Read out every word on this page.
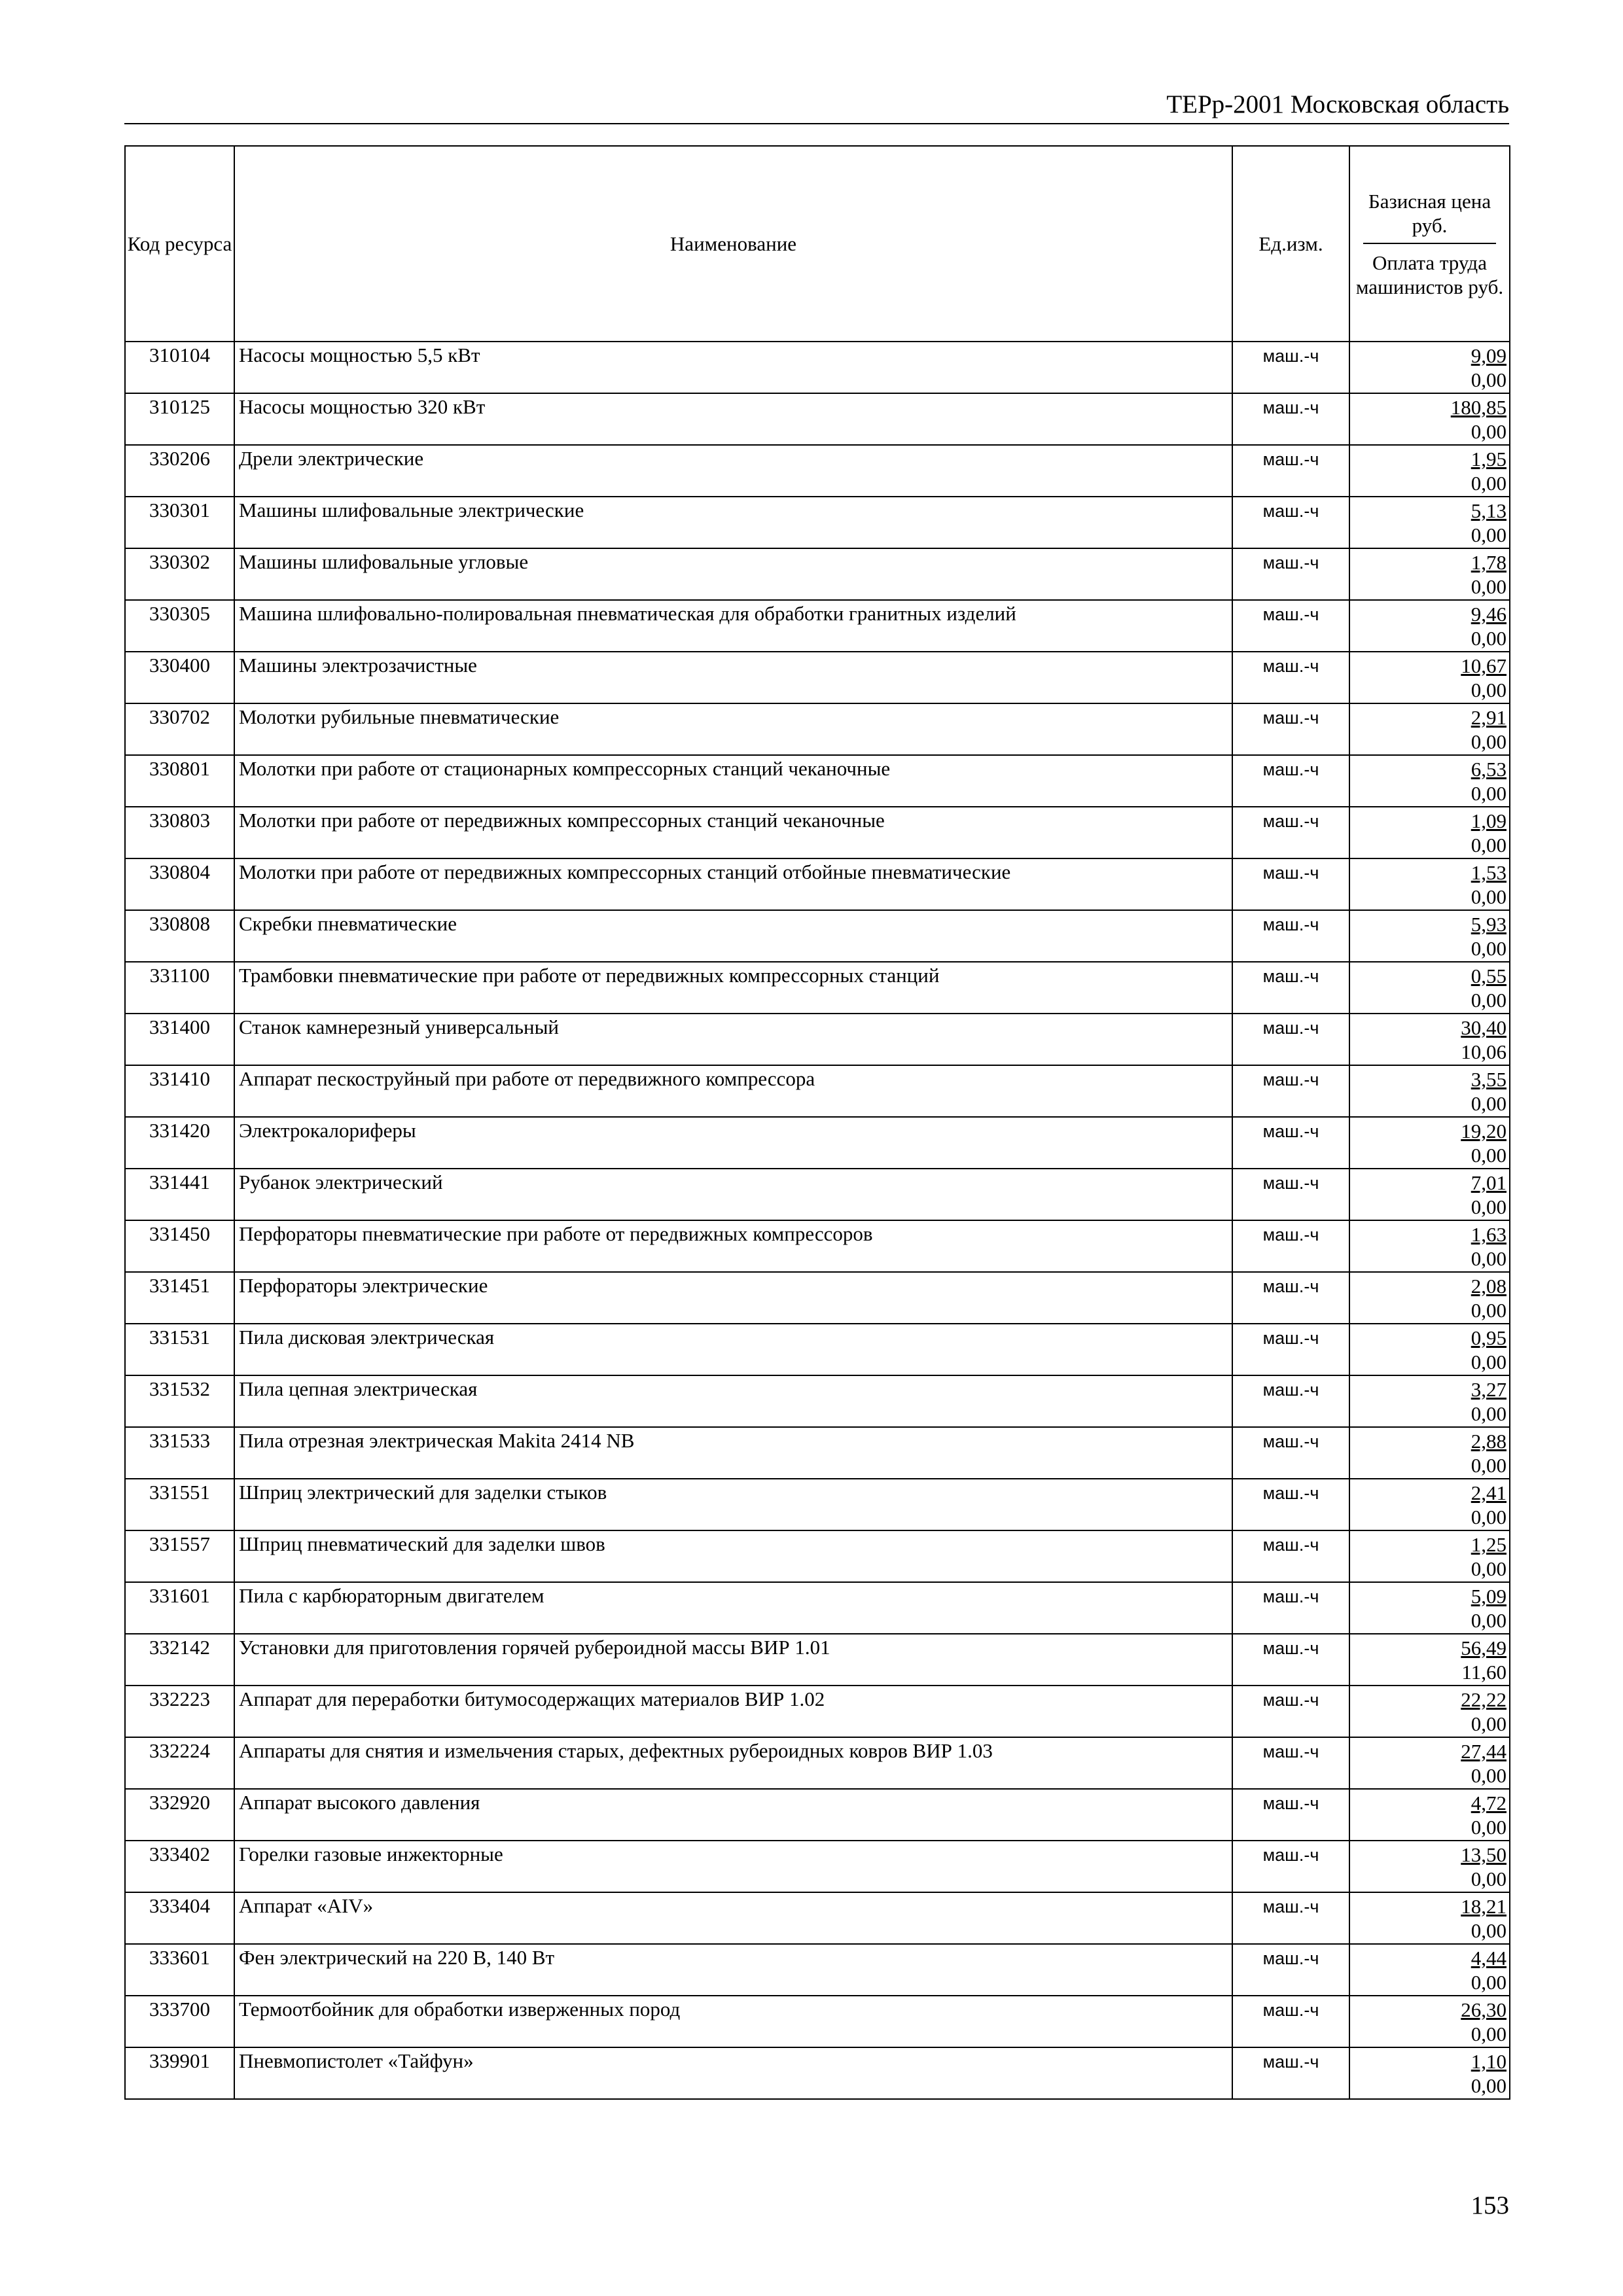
ТЕРр-2001 Московская область
Код ресурса	Наименование	Ед.изм.	Базисная цена руб.
Оплата труда машинистов руб.

310104	Насосы мощностью 5,5 кВт	маш.-ч	9,09
0,00

310125	Насосы мощностью 320 кВт	маш.-ч	180,85
0,00

330206	Дрели электрические	маш.-ч	1,95
0,00

330301	Машины шлифовальные электрические	маш.-ч	5,13
0,00

330302	Машины шлифовальные угловые	маш.-ч	1,78
0,00

330305	Машина шлифовально-полировальная пневматическая для обработки гранитных изделий	маш.-ч	9,46
0,00

330400	Машины электрозачистные	маш.-ч	10,67
0,00

330702	Молотки рубильные пневматические	маш.-ч	2,91
0,00

330801	Молотки при работе от стационарных компрессорных станций чеканочные	маш.-ч	6,53
0,00

330803	Молотки при работе от передвижных компрессорных станций чеканочные	маш.-ч	1,09
0,00

330804	Молотки при работе от передвижных компрессорных станций отбойные пневматические	маш.-ч	1,53
0,00

330808	Скребки пневматические	маш.-ч	5,93
0,00

331100	Трамбовки пневматические при работе от передвижных компрессорных станций	маш.-ч	0,55
0,00

331400	Станок камнерезный универсальный	маш.-ч	30,40
10,06

331410	Аппарат пескоструйный при работе от передвижного компрессора	маш.-ч	3,55
0,00

331420	Электрокалориферы	маш.-ч	19,20
0,00

331441	Рубанок электрический	маш.-ч	7,01
0,00

331450	Перфораторы пневматические при работе от передвижных компрессоров	маш.-ч	1,63
0,00

331451	Перфораторы электрические	маш.-ч	2,08
0,00

331531	Пила дисковая электрическая	маш.-ч	0,95
0,00

331532	Пила цепная электрическая	маш.-ч	3,27
0,00

331533	Пила отрезная электрическая Makita 2414 NB	маш.-ч	2,88
0,00

331551	Шприц электрический для заделки стыков	маш.-ч	2,41
0,00

331557	Шприц пневматический для заделки швов	маш.-ч	1,25
0,00

331601	Пила с карбюраторным двигателем	маш.-ч	5,09
0,00

332142	Установки для приготовления горячей рубероидной массы ВИР 1.01	маш.-ч	56,49
11,60

332223	Аппарат для переработки битумосодержащих материалов ВИР 1.02	маш.-ч	22,22
0,00

332224	Аппараты для снятия и измельчения старых, дефектных рубероидных ковров ВИР 1.03	маш.-ч	27,44
0,00

332920	Аппарат высокого давления	маш.-ч	4,72
0,00

333402	Горелки газовые инжекторные	маш.-ч	13,50
0,00

333404	Аппарат «AIV»	маш.-ч	18,21
0,00

333601	Фен электрический на 220 В, 140 Вт	маш.-ч	4,44
0,00

333700	Термоотбойник для обработки изверженных пород	маш.-ч	26,30
0,00

339901	Пневмопистолет «Тайфун»	маш.-ч	1,10
0,00
153
